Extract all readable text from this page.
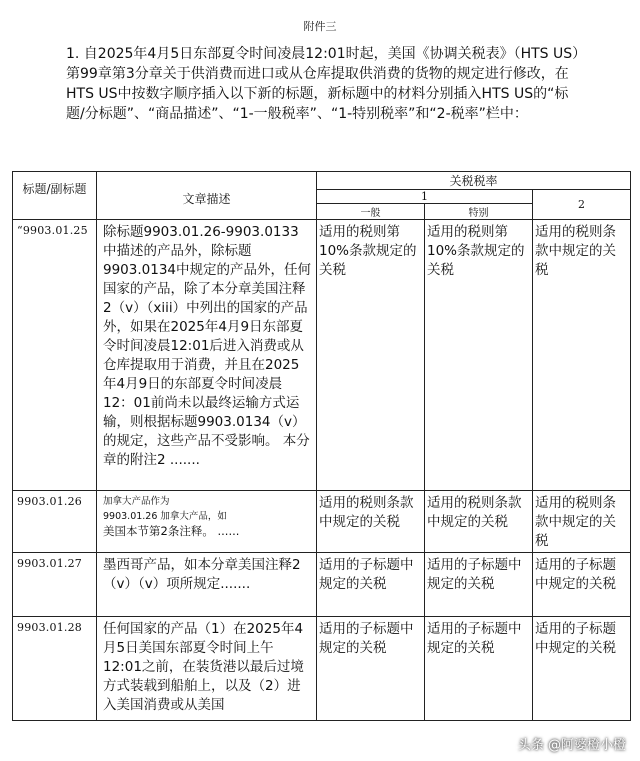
附件三
1. 自2025年4月5日东部夏令时间凌晨12:01时起，美国《协调关税表》（HTS US）第99章第3分章关于供消费而进口或从仓库提取供消费的货物的规定进行修改，在HTS US中按数字顺序插入以下新的标题，新标题中的材料分别插入HTS US的“标题/分标题”、“商品描述”、“1-一般税率”、“1-特别税率”和“2-税率”栏中：
标题/副标题	文章描述	关税税率		
		1		2
		一般	特别	

“9903.01.25	除标题9903.01.26-9903.0133中描述的产品外，除标题9903.0134中规定的产品外，任何国家的产品，除了本分章美国注释2（v）（xiii）中列出的国家的产品外，如果在2025年4月9日东部夏令时间凌晨12:01后进入消费或从仓库提取用于消费，并且在2025年4月9日的东部夏令时间凌晨12：01前尚未以最终运输方式运输，则根据标题9903.0134（v）的规定，这些产品不受影响。 本分章的附注2 .......	适用的税则第10%条款规定的关税	适用的税则第10%条款规定的关税	适用的税则条款中规定的关税

9903.01.26	加拿大产品作为
9903.01.26 加拿大产品，如
美国本节第2条注释。 ......	适用的税则条款中规定的关税	适用的税则条款中规定的关税	适用的税则条款中规定的关税

9903.01.27	墨西哥产品，如本分章美国注释2（v）（v）项所规定.......	适用的子标题中规定的关税	适用的子标题中规定的关税	适用的子标题中规定的关税

9903.01.28	任何国家的产品（1）在2025年4月5日美国东部夏令时间上午12:01之前，在装货港以最后过境方式装载到船舶上，以及（2）进入美国消费或从美国	适用的子标题中规定的关税	适用的子标题中规定的关税	适用的子标题中规定的关税
头条 @阿婆橙小橙
